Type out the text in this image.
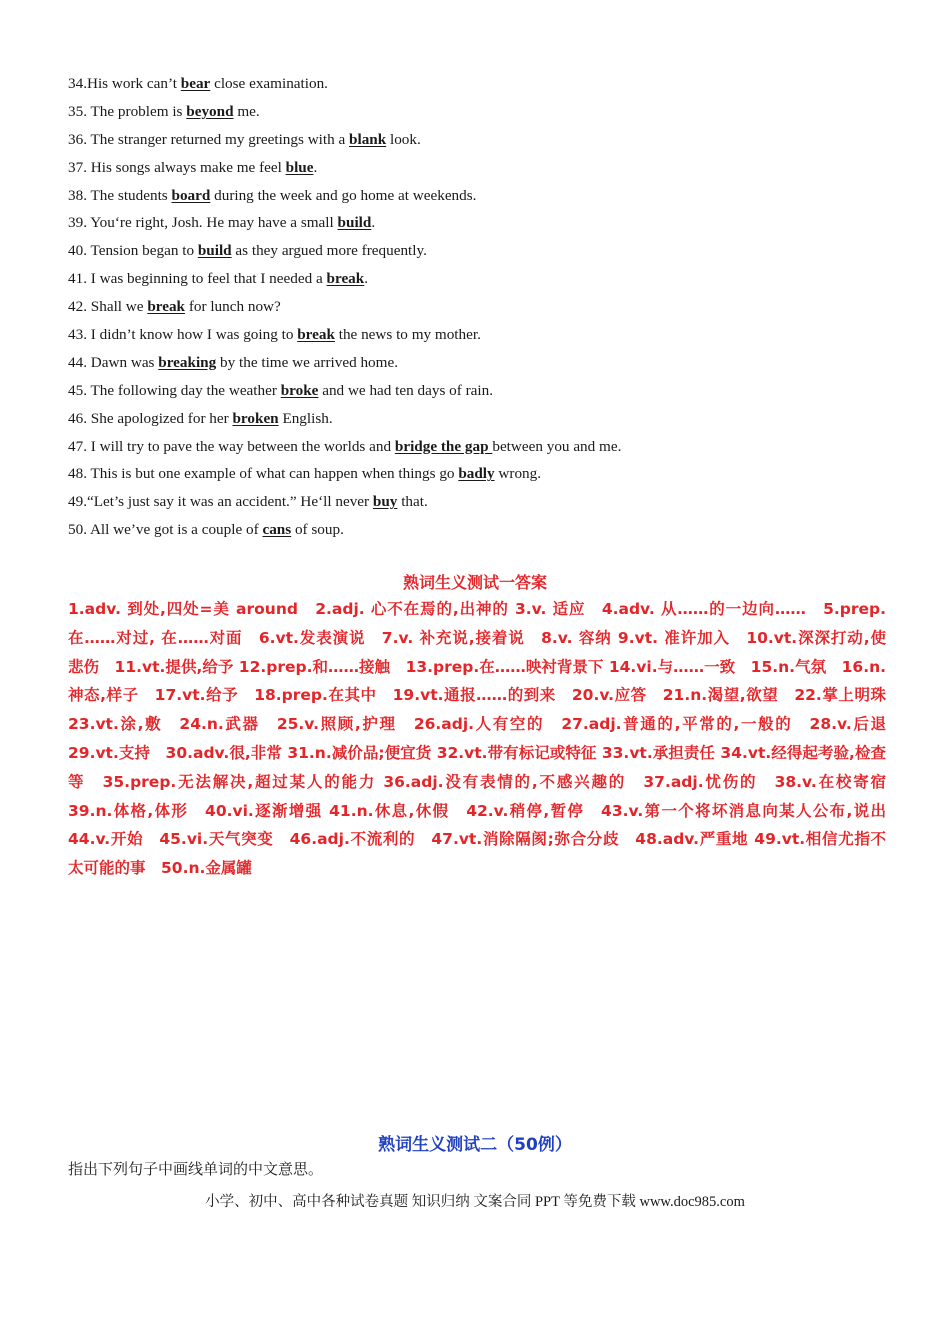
34.His work can’t bear close examination.
35. The problem is beyond me.
36. The stranger returned my greetings with a blank look.
37. His songs always make me feel blue.
38. The students board during the week and go home at weekends.
39. You‘re right, Josh. He may have a small build.
40. Tension began to build as they argued more frequently.
41. I was beginning to feel that I needed a break.
42. Shall we break for lunch now?
43. I didn’t know how I was going to break the news to my mother.
44. Dawn was breaking by the time we arrived home.
45. The following day the weather broke and we had ten days of rain.
46. She apologized for her broken English.
47. I will try to pave the way between the worlds and bridge the gap between you and me.
48. This is but one example of what can happen when things go badly wrong.
49.“Let’s just say it was an accident.” He‘ll never buy that.
50. All we’ve got is a couple of cans of soup.
熟词生义测试一答案
1.adv. 到处,四处=美 around　2.adj. 心不在焉的,出神的 3.v. 适应　4.adv. 从……的一边向……　5.prep.
在……对过, 在……对面　6.vt.发表演说　7.v. 补充说,接着说　8.v. 容纳 9.vt. 准许加入　10.vt.深深打动,使
悲伤　11.vt.提供,给予 12.prep.和……接触　13.prep.在……映衬背景下 14.vi.与……一致　15.n.气氛　16.n.
神态,样子　17.vt.给予　18.prep.在其中　19.vt.通报……的到来　20.v.应答　21.n.渴望,欲望　22.掌上明珠
23.vt.涂,敷　24.n.武器　25.v.照顾,护理　26.adj.人有空的　27.adj.普通的,平常的,一般的　28.v.后退
29.vt.支持　30.adv.很,非常 31.n.减价品;便宜货 32.vt.带有标记或特征 33.vt.承担责任 34.vt.经得起考验,检查
等　35.prep.无法解决,超过某人的能力 36.adj.没有表情的,不感兴趣的　37.adj.忧伤的　38.v.在校寄宿
39.n.体格,体形　40.vi.逐渐增强 41.n.休息,休假　42.v.稍停,暂停　43.v.第一个将坏消息向某人公布,说出
44.v.开始　45.vi.天气突变　46.adj.不流利的　47.vt.消除隔阂;弥合分歧　48.adv.严重地 49.vt.相信尤指不
太可能的事　50.n.金属罐
熟词生义测试二（50例）
指出下列句子中画线单词的中文意思。
小学、初中、高中各种试卷真题 知识归纳 文案合同 PPT 等免费下载 www.doc985.com
